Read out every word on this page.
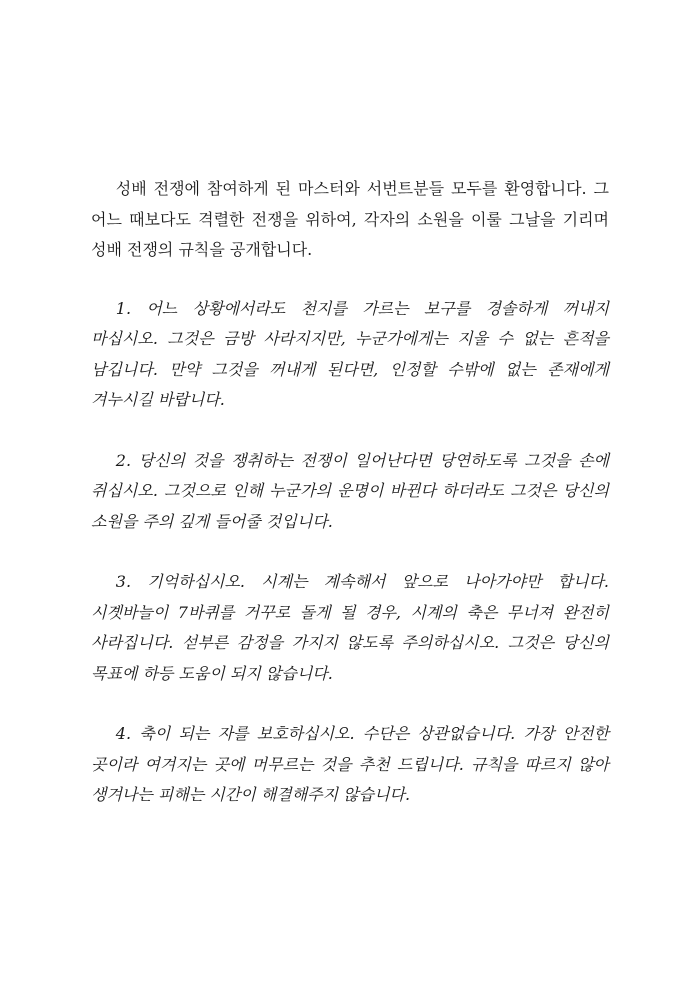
성배 전쟁에 참여하게 된 마스터와 서번트분들 모두를 환영합니다. 그 어느 때보다도 격렬한 전쟁을 위하여, 각자의 소원을 이룰 그날을 기리며 성배 전쟁의 규칙을 공개합니다.

1. 어느 상황에서라도 천지를 가르는 보구를 경솔하게 꺼내지 마십시오. 그것은 금방 사라지지만, 누군가에게는 지울 수 없는 흔적을 남깁니다. 만약 그것을 꺼내게 된다면, 인정할 수밖에 없는 존재에게 겨누시길 바랍니다.

2. 당신의 것을 쟁취하는 전쟁이 일어난다면 당연하도록 그것을 손에 쥐십시오. 그것으로 인해 누군가의 운명이 바뀐다 하더라도 그것은 당신의 소원을 주의 깊게 들어줄 것입니다.

3. 기억하십시오. 시계는 계속해서 앞으로 나아가야만 합니다. 시곗바늘이 7바퀴를 거꾸로 돌게 될 경우, 시계의 축은 무너져 완전히 사라집니다. 섣부른 감정을 가지지 않도록 주의하십시오. 그것은 당신의 목표에 하등 도움이 되지 않습니다.

4. 축이 되는 자를 보호하십시오. 수단은 상관없습니다. 가장 안전한 곳이라 여겨지는 곳에 머무르는 것을 추천 드립니다. 규칙을 따르지 않아 생겨나는 피해는 시간이 해결해주지 않습니다.
